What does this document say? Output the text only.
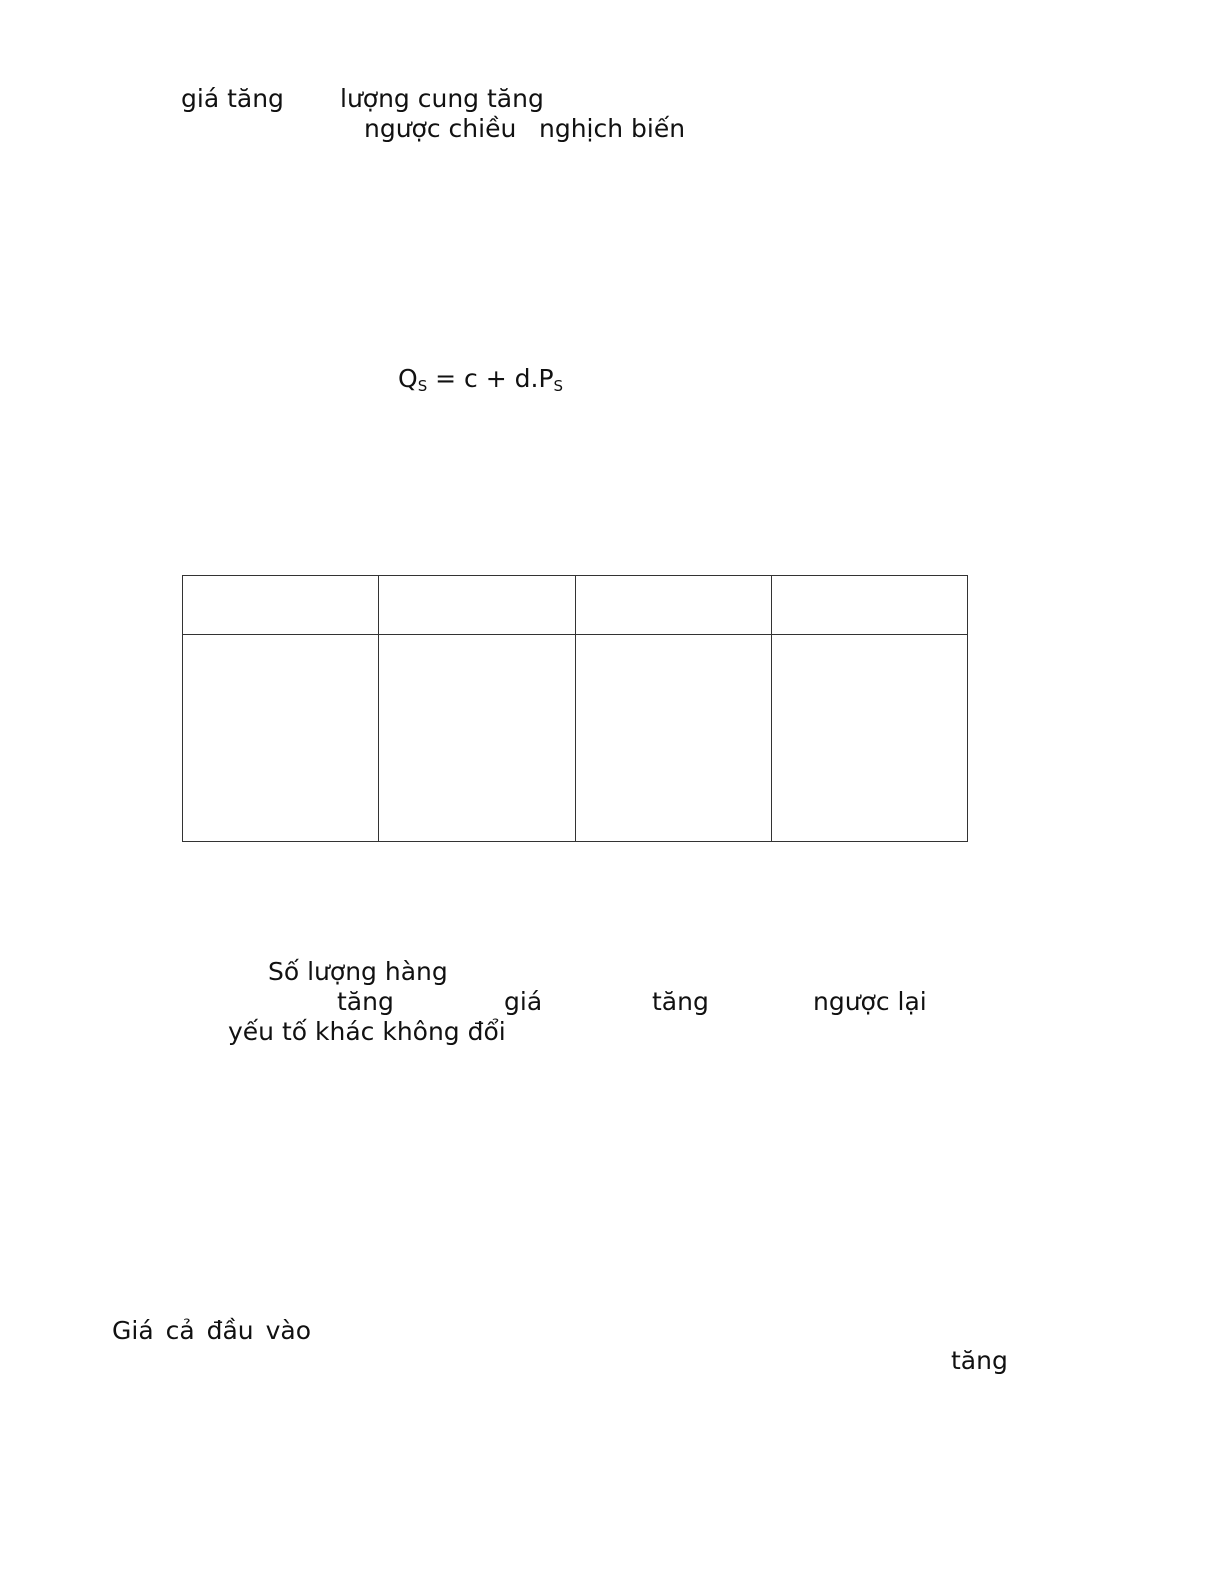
giá tăng lượng cung tăng
ngược chiều nghịch biến
$Q_S = c + d.P_S$

Số lượng hàng
tăng	giá	tăng	ngược lại
yếu tố khác không đổi
Giá cả đầu vào
tăng
